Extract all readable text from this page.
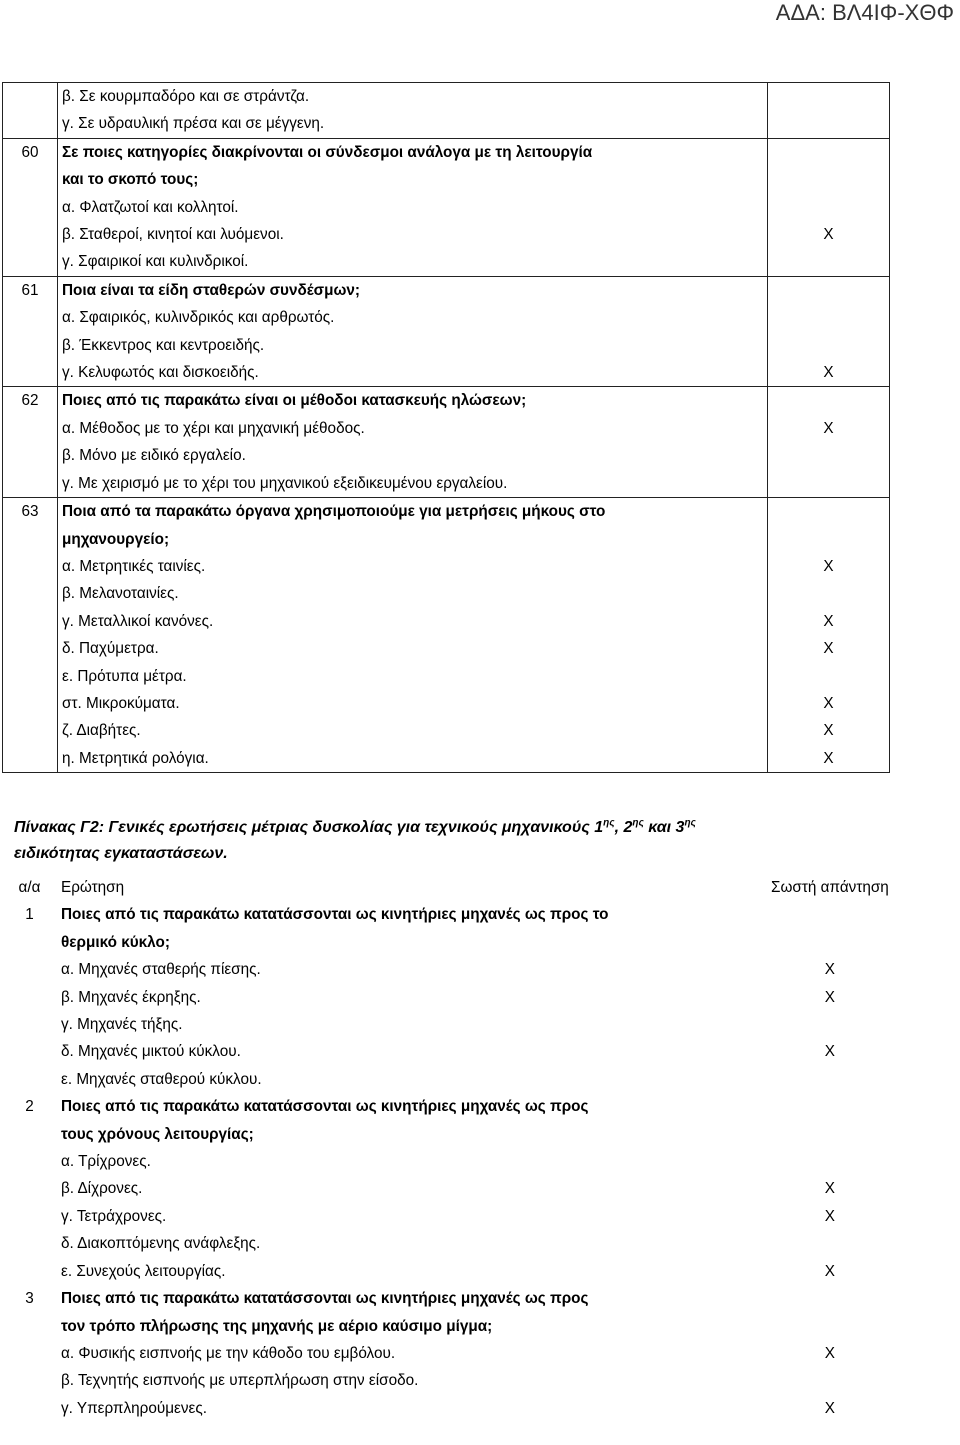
ΑΔΑ: ΒΛ4ΙΦ-ΧΘΦ
	β. Σε κουρμπαδόρο και σε στράντζα.	
	γ. Σε υδραυλική πρέσα και σε μέγγενη.	
60	Σε ποιες κατηγορίες διακρίνονται οι σύνδεσμοι ανάλογα με τη λειτουργία	
	και το σκοπό τους;	
	α. Φλατζωτοί και κολλητοί.	
	β. Σταθεροί, κινητοί και λυόμενοι.	X
	γ. Σφαιρικοί και κυλινδρικοί.	
61	Ποια είναι τα είδη σταθερών συνδέσμων;	
	α. Σφαιρικός, κυλινδρικός και αρθρωτός.	
	β. Έκκεντρος και κεντροειδής.	
	γ. Κελυφωτός και δισκοειδής.	X
62	Ποιες από τις παρακάτω είναι οι μέθοδοι κατασκευής ηλώσεων;	
	α. Μέθοδος με το χέρι και μηχανική μέθοδος.	X
	β. Μόνο με ειδικό εργαλείο.	
	γ. Με χειρισμό με το χέρι του μηχανικού εξειδικευμένου εργαλείου.	
63	Ποια από τα παρακάτω όργανα χρησιμοποιούμε για μετρήσεις μήκους στο	
	μηχανουργείο;	
	α. Μετρητικές ταινίες.	X
	β. Μελανοταινίες.	
	γ. Μεταλλικοί κανόνες.	X
	δ. Παχύμετρα.	X
	ε. Πρότυπα μέτρα.	
	στ. Μικροκύματα.	X
	ζ. Διαβήτες.	X
	η. Μετρητικά ρολόγια.	X
Πίνακας Γ2: Γενικές ερωτήσεις μέτριας δυσκολίας για τεχνικούς μηχανικούς $1^{\eta\varsigma}$, $2^{\eta\varsigma}$ και $3^{\eta\varsigma}$
ειδικότητας εγκαταστάσεων.
α/α	Ερώτηση	Σωστή απάντηση
1	Ποιες από τις παρακάτω κατατάσσονται ως κινητήριες μηχανές ως προς το	
	θερμικό κύκλο;	
	α. Μηχανές σταθερής πίεσης.	X
	β. Μηχανές έκρηξης.	X
	γ. Μηχανές τήξης.	
	δ. Μηχανές μικτού κύκλου.	X
	ε. Μηχανές σταθερού κύκλου.	
2	Ποιες από τις παρακάτω κατατάσσονται ως κινητήριες μηχανές ως προς	
	τους χρόνους λειτουργίας;	
	α. Τρίχρονες.	
	β. Δίχρονες.	X
	γ. Τετράχρονες.	X
	δ. Διακοπτόμενης ανάφλεξης.	
	ε. Συνεχούς λειτουργίας.	X
3	Ποιες από τις παρακάτω κατατάσσονται ως κινητήριες μηχανές ως προς	
	τον τρόπο πλήρωσης της μηχανής με αέριο καύσιμο μίγμα;	
	α. Φυσικής εισπνοής με την κάθοδο του εμβόλου.	X
	β. Τεχνητής εισπνοής με υπερπλήρωση στην είσοδο.	
	γ. Υπερπληρούμενες.	X
